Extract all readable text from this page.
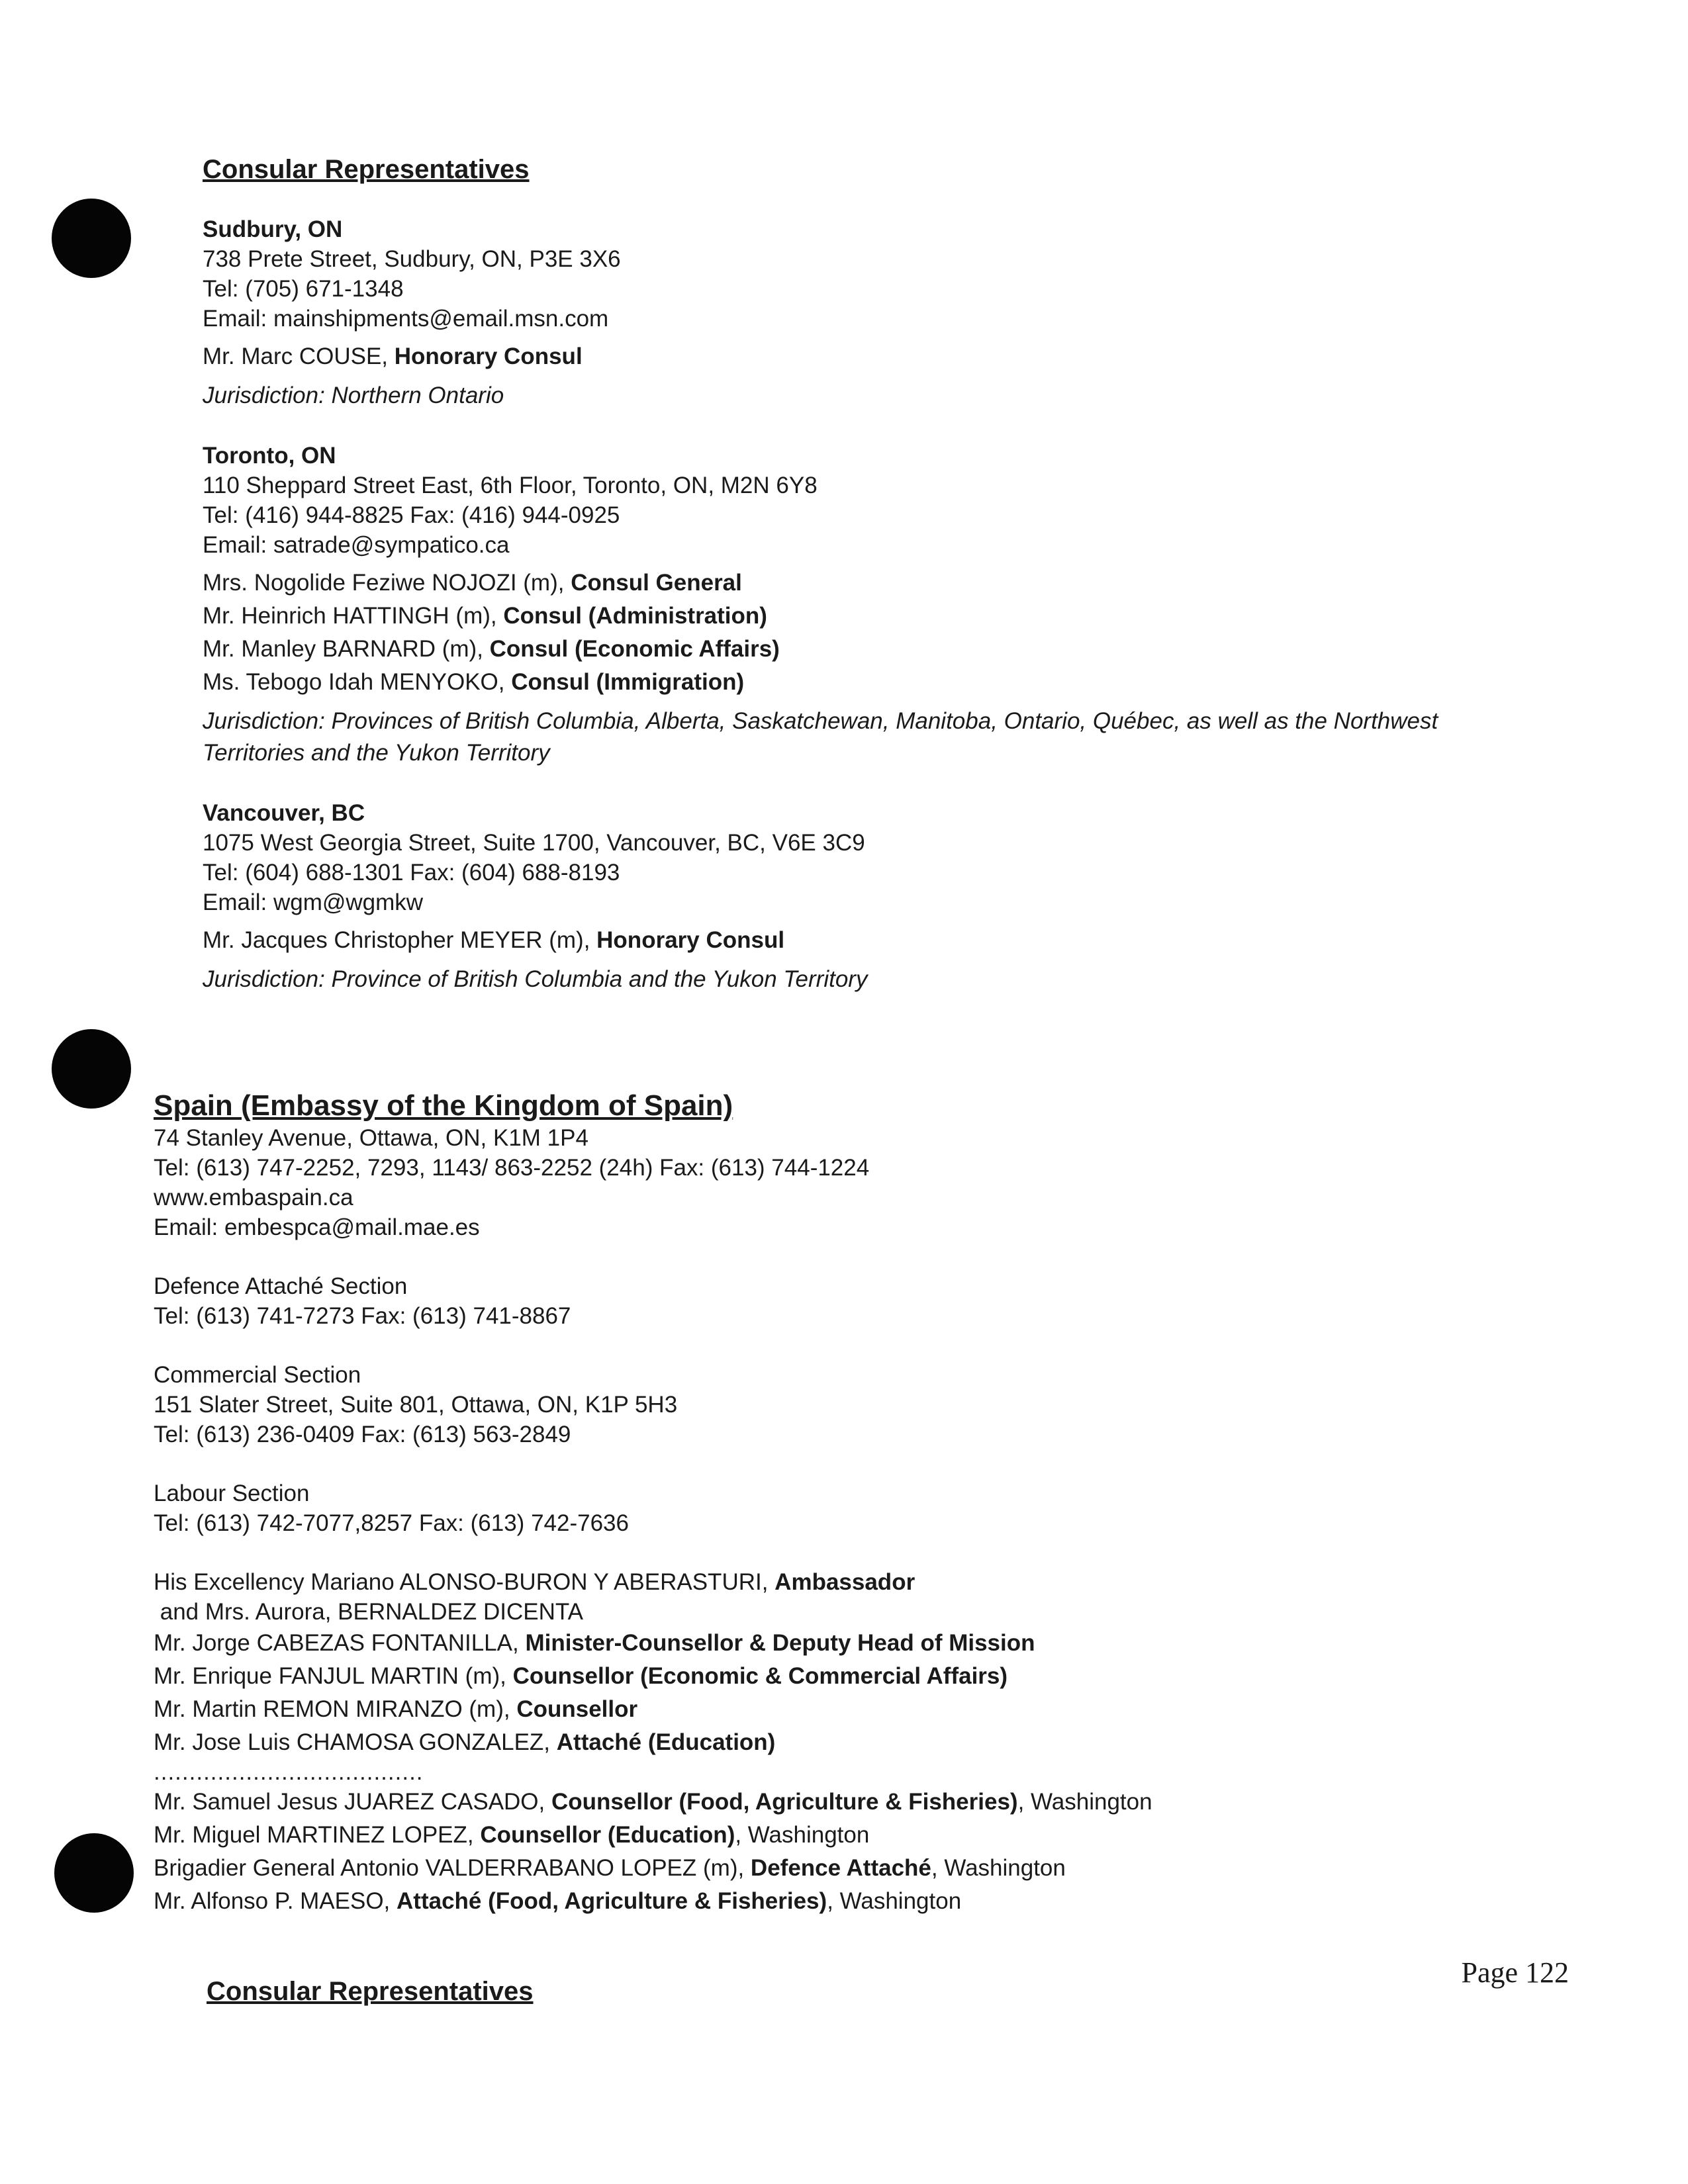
Consular Representatives
Sudbury, ON
738 Prete Street, Sudbury, ON, P3E 3X6
Tel: (705) 671-1348
Email: mainshipments@email.msn.com
Mr. Marc COUSE, Honorary Consul
Jurisdiction: Northern Ontario
Toronto, ON
110 Sheppard Street East, 6th Floor, Toronto, ON, M2N 6Y8
Tel: (416) 944-8825 Fax: (416) 944-0925
Email: satrade@sympatico.ca
Mrs. Nogolide Feziwe NOJOZI (m), Consul General
Mr. Heinrich HATTINGH (m), Consul (Administration)
Mr. Manley BARNARD (m), Consul (Economic Affairs)
Ms. Tebogo Idah MENYOKO, Consul (Immigration)
Jurisdiction: Provinces of British Columbia, Alberta, Saskatchewan, Manitoba, Ontario, Québec, as well as the Northwest
Territories and the Yukon Territory
Vancouver, BC
1075 West Georgia Street, Suite 1700, Vancouver, BC, V6E 3C9
Tel: (604) 688-1301 Fax: (604) 688-8193
Email: wgm@wgmkw
Mr. Jacques Christopher MEYER (m), Honorary Consul
Jurisdiction: Province of British Columbia and the Yukon Territory
Spain (Embassy of the Kingdom of Spain)
74 Stanley Avenue, Ottawa, ON, K1M 1P4
Tel: (613) 747-2252, 7293, 1143/ 863-2252 (24h) Fax: (613) 744-1224
www.embaspain.ca
Email: embespca@mail.mae.es
Defence Attaché Section
Tel: (613) 741-7273 Fax: (613) 741-8867
Commercial Section
151 Slater Street, Suite 801, Ottawa, ON, K1P 5H3
Tel: (613) 236-0409 Fax: (613) 563-2849
Labour Section
Tel: (613) 742-7077,8257 Fax: (613) 742-7636
His Excellency Mariano ALONSO-BURON Y ABERASTURI, Ambassador
and Mrs. Aurora, BERNALDEZ DICENTA
Mr. Jorge CABEZAS FONTANILLA, Minister-Counsellor & Deputy Head of Mission
Mr. Enrique FANJUL MARTIN (m), Counsellor (Economic & Commercial Affairs)
Mr. Martin REMON MIRANZO (m), Counsellor
Mr. Jose Luis CHAMOSA GONZALEZ, Attaché (Education)
......................................
Mr. Samuel Jesus JUAREZ CASADO, Counsellor (Food, Agriculture & Fisheries), Washington
Mr. Miguel MARTINEZ LOPEZ, Counsellor (Education), Washington
Brigadier General Antonio VALDERRABANO LOPEZ (m), Defence Attaché, Washington
Mr. Alfonso P. MAESO, Attaché (Food, Agriculture & Fisheries), Washington
Consular Representatives
Page 122
